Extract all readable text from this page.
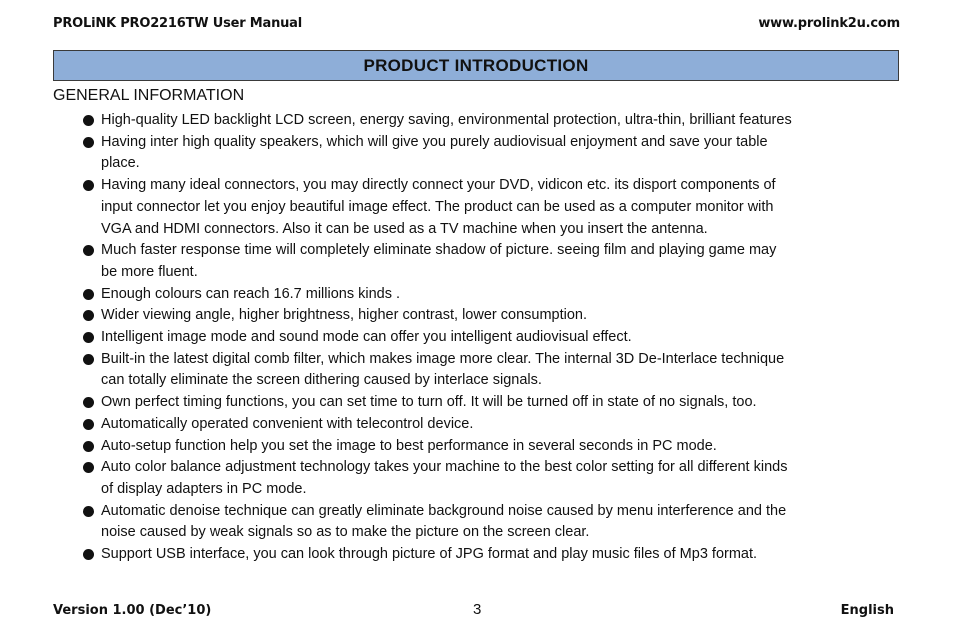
PROLiNK PRO2216TW User Manual	www.prolink2u.com
PRODUCT INTRODUCTION
GENERAL INFORMATION
High-quality LED backlight LCD screen, energy saving, environmental protection, ultra-thin, brilliant features
Having inter high quality speakers, which will give you purely audiovisual enjoyment and save your table
place.
Having many ideal connectors, you may directly connect your DVD, vidicon etc. its disport components of
input connector let you enjoy beautiful image effect. The product can be used as a computer monitor with
VGA and HDMI connectors. Also it can be used as a TV machine when you insert the antenna.
Much faster response time will completely eliminate shadow of picture. seeing film and playing game may
be more fluent.
Enough colours can reach 16.7 millions kinds .
Wider viewing angle, higher brightness, higher contrast, lower consumption.
Intelligent image mode and sound mode can offer you intelligent audiovisual effect.
Built-in the latest digital comb filter, which makes image more clear. The internal 3D De-Interlace technique
can totally eliminate the screen dithering caused by interlace signals.
Own perfect timing functions, you can set time to turn off. It will be turned off in state of no signals, too.
Automatically operated convenient with telecontrol device.
Auto-setup function help you set the image to best performance in several seconds in PC mode.
Auto color balance adjustment technology takes your machine to the best color setting for all different kinds
of display adapters in PC mode.
Automatic denoise technique can greatly eliminate background noise caused by menu interference and the
noise caused by weak signals so as to make the picture on the screen clear.
Support USB interface, you can look through picture of JPG format and play music files of Mp3 format.
Version 1.00 (Dec’10)	3	English
